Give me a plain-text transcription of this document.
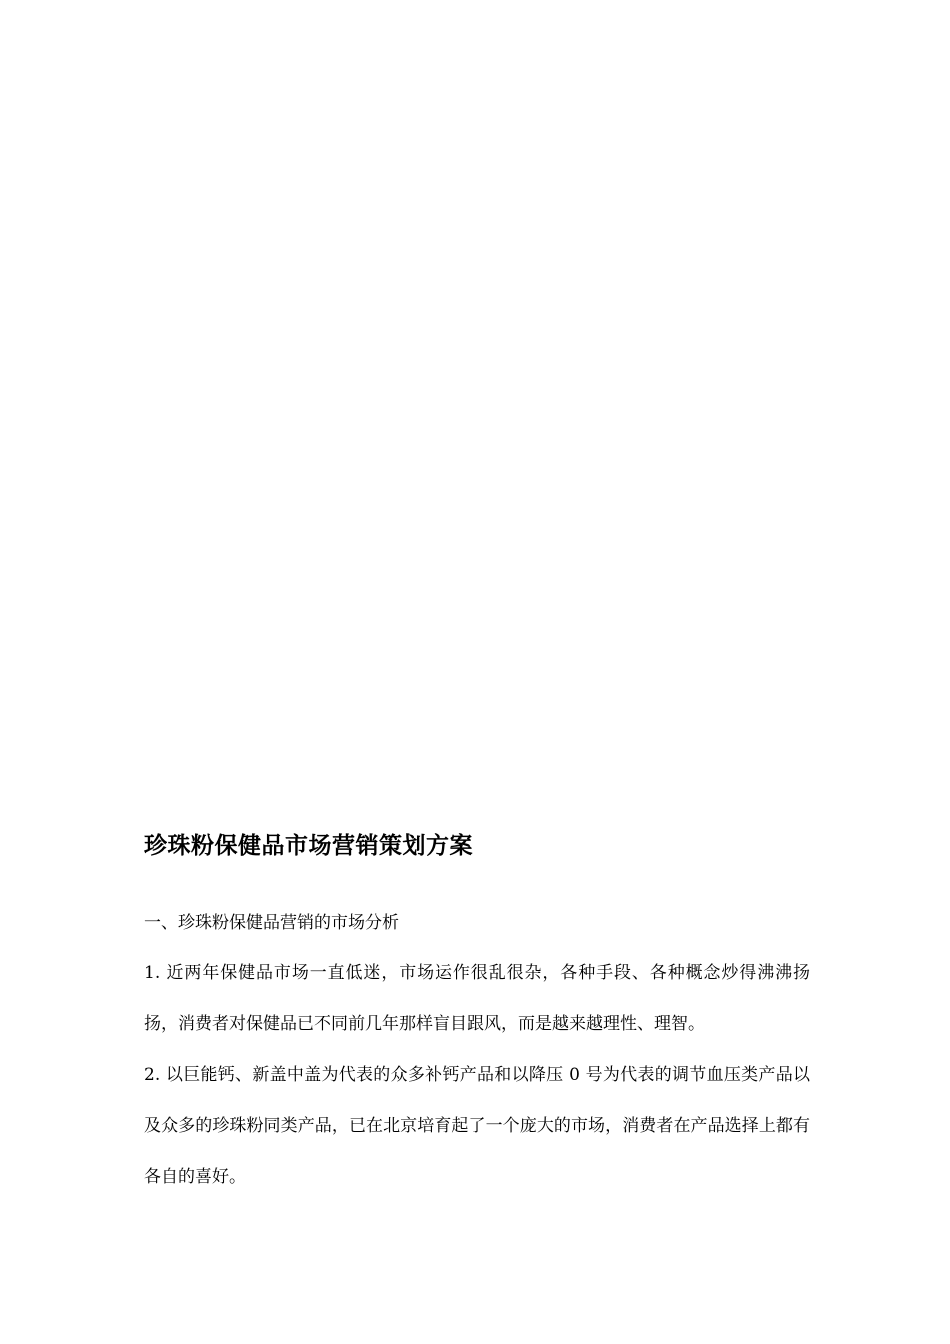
珍珠粉保健品市场营销策划方案
一、珍珠粉保健品营销的市场分析

1. 近两年保健品市场一直低迷，市场运作很乱很杂，各种手段、各种概念炒得沸沸扬扬，消费者对保健品已不同前几年那样盲目跟风，而是越来越理性、理智。

2. 以巨能钙、新盖中盖为代表的众多补钙产品和以降压 0 号为代表的调节血压类产品以及众多的珍珠粉同类产品，已在北京培育起了一个庞大的市场，消费者在产品选择上都有各自的喜好。
